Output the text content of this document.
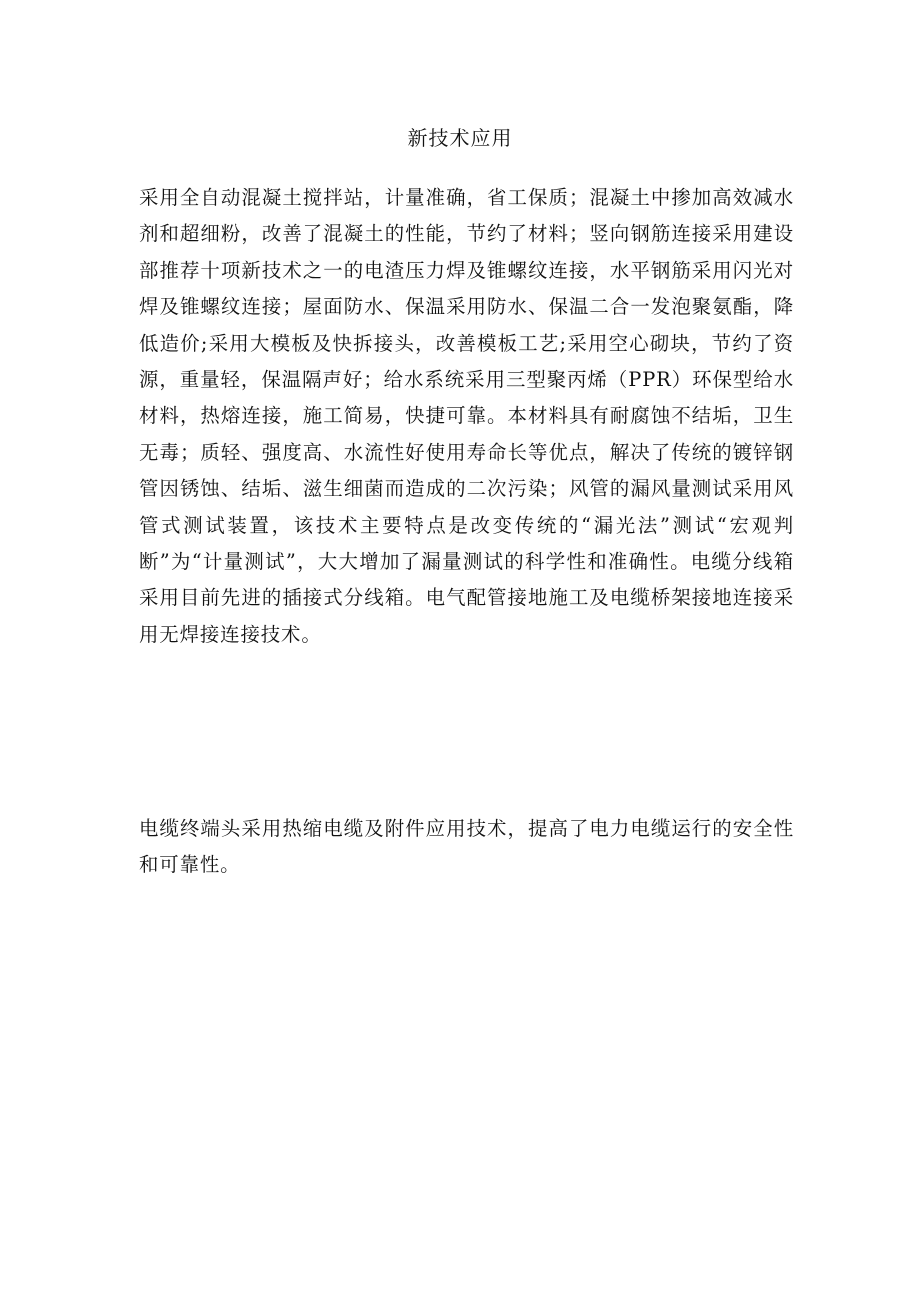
新技术应用

采用全自动混凝土搅拌站，计量准确，省工保质；混凝土中掺加高效减水剂和超细粉，改善了混凝土的性能，节约了材料；竖向钢筋连接采用建设部推荐十项新技术之一的电渣压力焊及锥螺纹连接，水平钢筋采用闪光对焊及锥螺纹连接；屋面防水、保温采用防水、保温二合一发泡聚氨酯，降低造价;采用大模板及快拆接头，改善模板工艺;采用空心砌块，节约了资源，重量轻，保温隔声好；给水系统采用三型聚丙烯（PPR）环保型给水材料，热熔连接，施工简易，快捷可靠。本材料具有耐腐蚀不结垢，卫生无毒；质轻、强度高、水流性好使用寿命长等优点，解决了传统的镀锌钢管因锈蚀、结垢、滋生细菌而造成的二次污染；风管的漏风量测试采用风管式测试装置，该技术主要特点是改变传统的“漏光法”测试“宏观判断”为“计量测试”，大大增加了漏量测试的科学性和准确性。电缆分线箱采用目前先进的插接式分线箱。电气配管接地施工及电缆桥架接地连接采用无焊接连接技术。

电缆终端头采用热缩电缆及附件应用技术，提高了电力电缆运行的安全性和可靠性。
